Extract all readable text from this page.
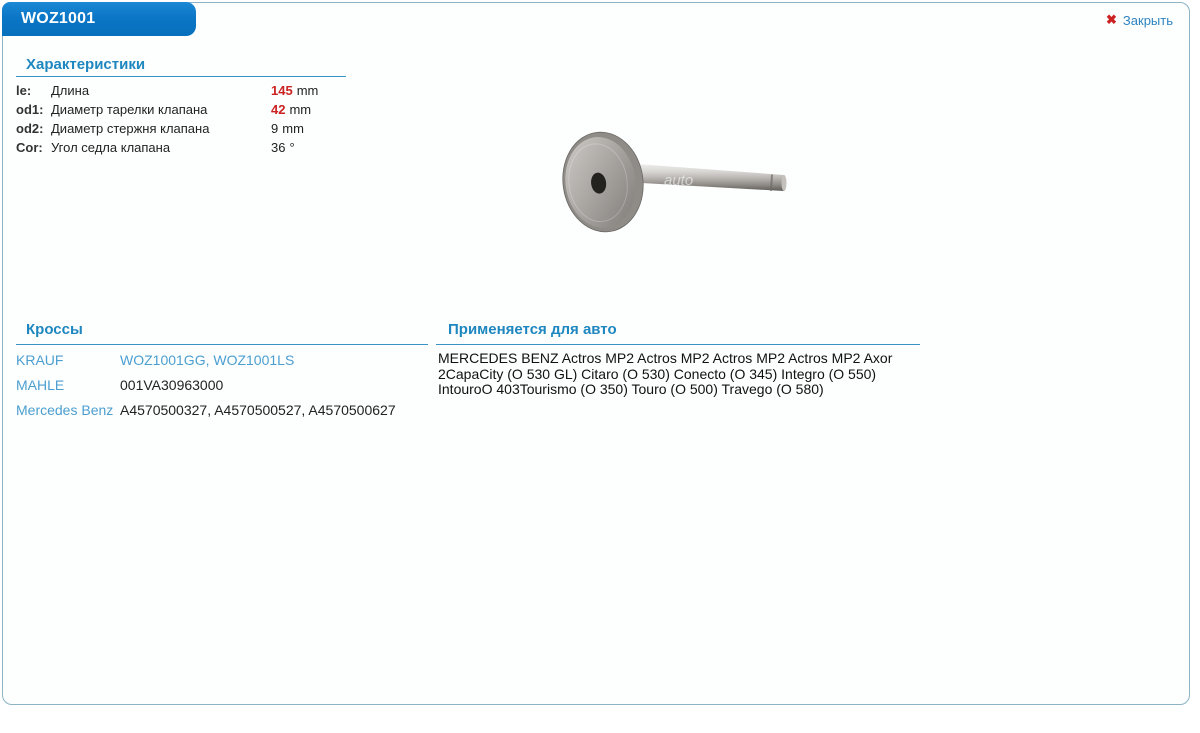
WOZ1001	✖ Закрыть
Характеристики
le:	Длина	145 mm
od1: Диаметр тарелки клапана	42 mm
od2: Диаметр стержня клапана	9 mm
Cor: Угол седла клапана	36 °
auto
Кроссы
KRAUF	WOZ1001GG, WOZ1001LS
MAHLE	001VA30963000
Mercedes Benz A4570500327, A4570500527, A4570500627
Применяется для авто
MERCEDES BENZ Actros MP2 Actros MP2 Actros MP2 Actros MP2 Axor 2CapaCity (O 530 GL) Citaro (O 530) Conecto (O 345) Integro (O 550) IntouroO 403Tourismo (O 350) Touro (O 500) Travego (O 580)
